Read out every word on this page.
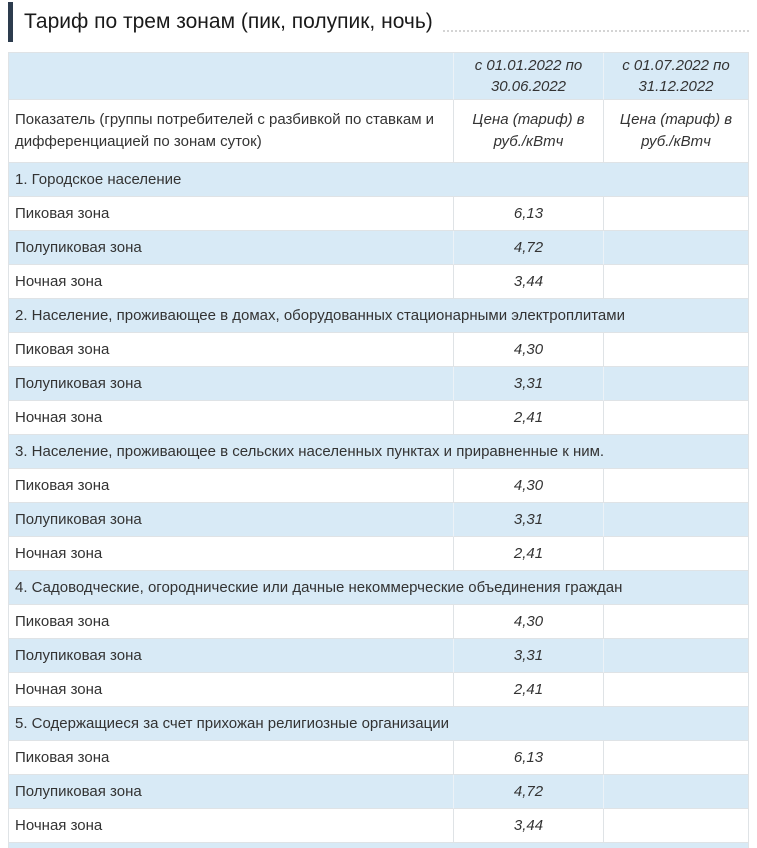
Тариф по трем зонам (пик, полупик, ночь)
	с 01.01.2022 по 30.06.2022	с 01.07.2022 по 31.12.2022
Показатель (группы потребителей с разбивкой по ставкам и дифференциацией по зонам суток)	Цена (тариф) в руб./кВтч	Цена (тариф) в руб./кВтч
1. Городское население		
Пиковая зона	6,13	
Полупиковая зона	4,72	
Ночная зона	3,44	
2. Население, проживающее в домах, оборудованных стационарными электроплитами		
Пиковая зона	4,30	
Полупиковая зона	3,31	
Ночная зона	2,41	
3. Население, проживающее в сельских населенных пунктах и приравненные к ним.		
Пиковая зона	4,30	
Полупиковая зона	3,31	
Ночная зона	2,41	
4. Садоводческие, огороднические или дачные некоммерческие объединения граждан		
Пиковая зона	4,30	
Полупиковая зона	3,31	
Ночная зона	2,41	
5. Содержащиеся за счет прихожан религиозные организации		
Пиковая зона	6,13	
Полупиковая зона	4,72	
Ночная зона	3,44	
